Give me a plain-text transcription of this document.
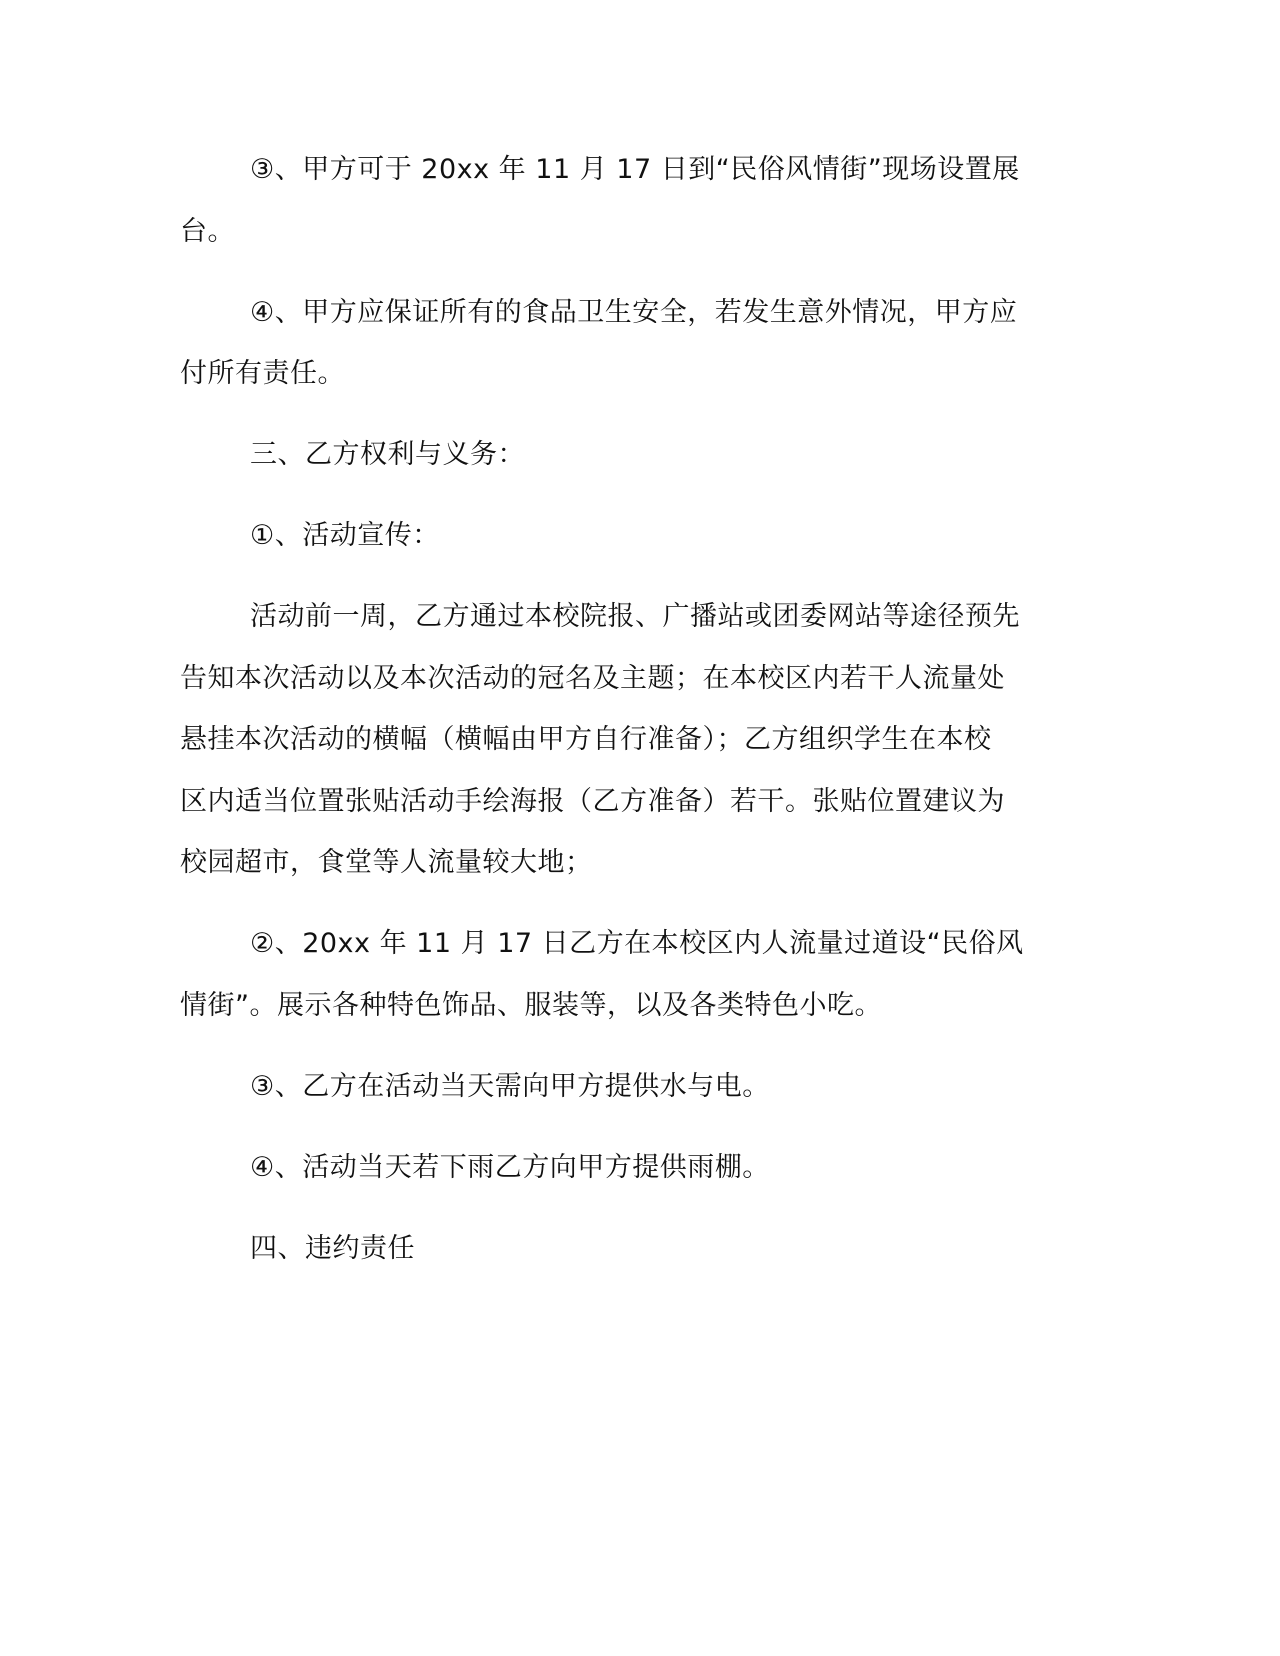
③、甲方可于 20xx 年 11 月 17 日到“民俗风情街”现场设置展
台。
④、甲方应保证所有的食品卫生安全，若发生意外情况，甲方应
付所有责任。
三、乙方权利与义务：
①、活动宣传：
活动前一周，乙方通过本校院报、广播站或团委网站等途径预先
告知本次活动以及本次活动的冠名及主题；在本校区内若干人流量处
悬挂本次活动的横幅（横幅由甲方自行准备）；乙方组织学生在本校
区内适当位置张贴活动手绘海报（乙方准备）若干。张贴位置建议为
校园超市，食堂等人流量较大地；
②、20xx 年 11 月 17 日乙方在本校区内人流量过道设“民俗风
情街”。展示各种特色饰品、服装等，以及各类特色小吃。
③、乙方在活动当天需向甲方提供水与电。
④、活动当天若下雨乙方向甲方提供雨棚。
四、违约责任
